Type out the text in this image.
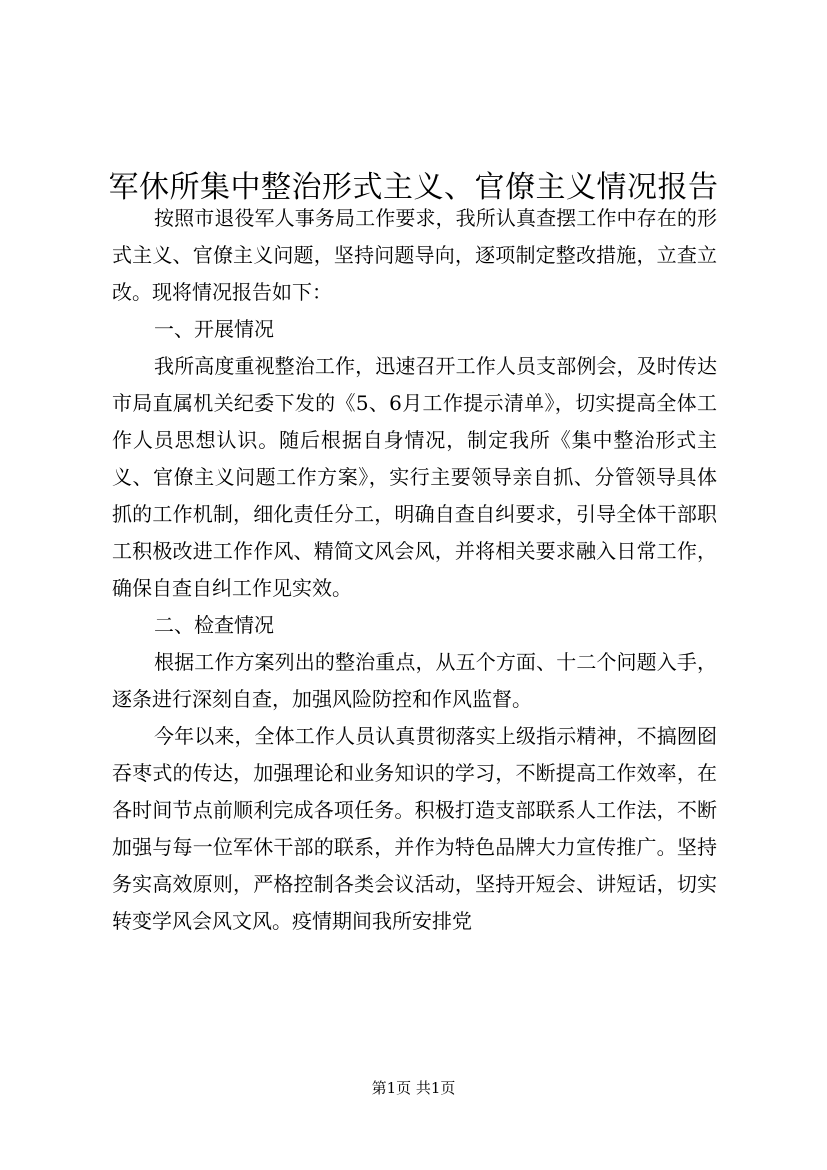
军休所集中整治形式主义、官僚主义情况报告

按照市退役军人事务局工作要求，我所认真查摆工作中存在的形式主义、官僚主义问题，坚持问题导向，逐项制定整改措施，立查立改。现将情况报告如下：

一、开展情况

我所高度重视整治工作，迅速召开工作人员支部例会，及时传达市局直属机关纪委下发的《5、6月工作提示清单》，切实提高全体工作人员思想认识。随后根据自身情况，制定我所《集中整治形式主义、官僚主义问题工作方案》，实行主要领导亲自抓、分管领导具体抓的工作机制，细化责任分工，明确自查自纠要求，引导全体干部职工积极改进工作作风、精简文风会风，并将相关要求融入日常工作，确保自查自纠工作见实效。

二、检查情况

根据工作方案列出的整治重点，从五个方面、十二个问题入手，逐条进行深刻自查，加强风险防控和作风监督。

今年以来，全体工作人员认真贯彻落实上级指示精神，不搞囫囵吞枣式的传达，加强理论和业务知识的学习，不断提高工作效率，在各时间节点前顺利完成各项任务。积极打造支部联系人工作法，不断加强与每一位军休干部的联系，并作为特色品牌大力宣传推广。坚持务实高效原则，严格控制各类会议活动，坚持开短会、讲短话，切实转变学风会风文风。疫情期间我所安排党

第1页 共1页
